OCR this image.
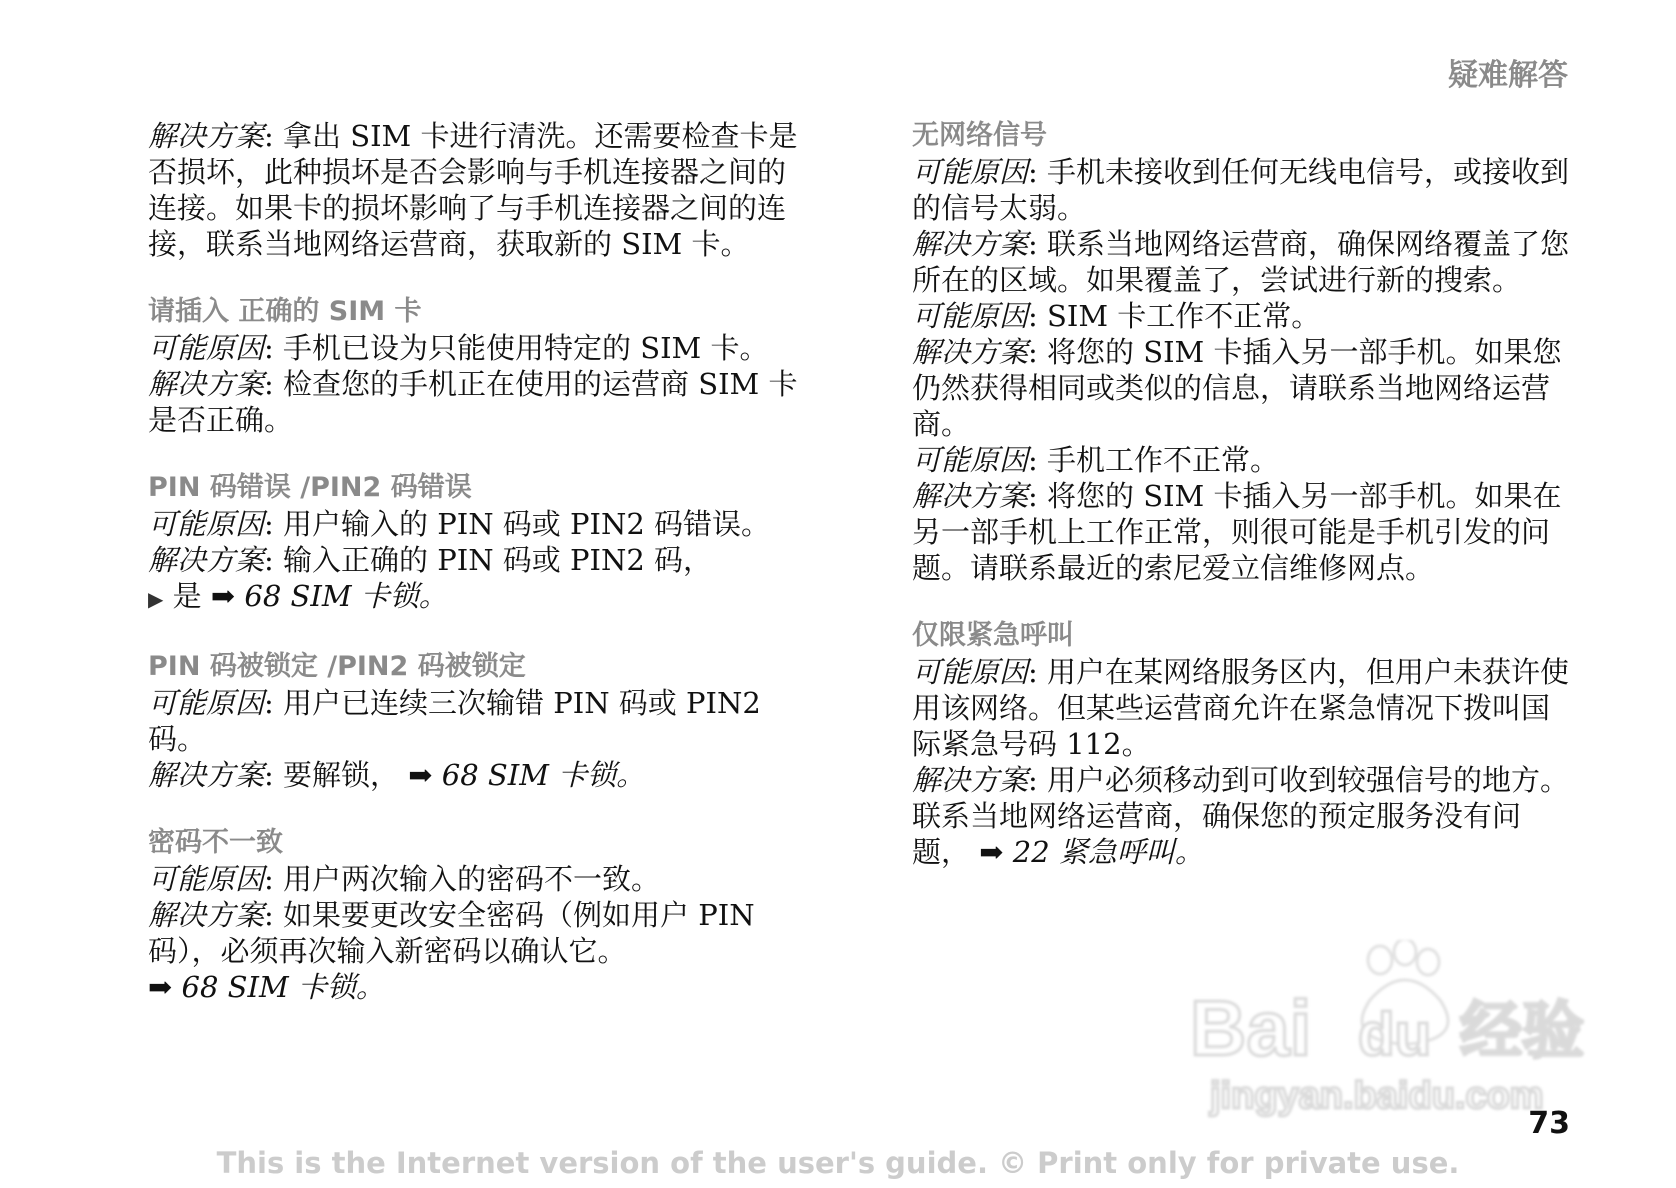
疑难解答
解决方案: 拿出 SIM 卡进行清洗。还需要检查卡是否损坏，此种损坏是否会影响与手机连接器之间的连接。如果卡的损坏影响了与手机连接器之间的连接，联系当地网络运营商，获取新的 SIM 卡。
请插入 正确的 SIM 卡
可能原因: 手机已设为只能使用特定的 SIM 卡。
解决方案: 检查您的手机正在使用的运营商 SIM 卡是否正确。
PIN 码错误 /PIN2 码错误
可能原因: 用户输入的 PIN 码或 PIN2 码错误。
解决方案: 输入正确的 PIN 码或 PIN2 码，
▶ 是 ➡ 68 SIM 卡锁。
PIN 码被锁定 /PIN2 码被锁定
可能原因: 用户已连续三次输错 PIN 码或 PIN2 码。
解决方案: 要解锁， ➡ 68 SIM 卡锁。
密码不一致
可能原因: 用户两次输入的密码不一致。
解决方案: 如果要更改安全密码（例如用户 PIN 码），必须再次输入新密码以确认它。
➡ 68 SIM 卡锁。
无网络信号
可能原因: 手机未接收到任何无线电信号，或接收到的信号太弱。
解决方案: 联系当地网络运营商，确保网络覆盖了您所在的区域。如果覆盖了，尝试进行新的搜索。
可能原因: SIM 卡工作不正常。
解决方案: 将您的 SIM 卡插入另一部手机。如果您仍然获得相同或类似的信息，请联系当地网络运营商。
可能原因: 手机工作不正常。
解决方案: 将您的 SIM 卡插入另一部手机。如果在另一部手机上工作正常，则很可能是手机引发的问题。请联系最近的索尼爱立信维修网点。
仅限紧急呼叫
可能原因: 用户在某网络服务区内，但用户未获许使用该网络。但某些运营商允许在紧急情况下拨叫国际紧急号码 112。
解决方案: 用户必须移动到可收到较强信号的地方。联系当地网络运营商，确保您的预定服务没有问题， ➡ 22 紧急呼叫。
Bai du 经验
jingyan.baidu.com
73
This is the Internet version of the user's guide. © Print only for private use.
